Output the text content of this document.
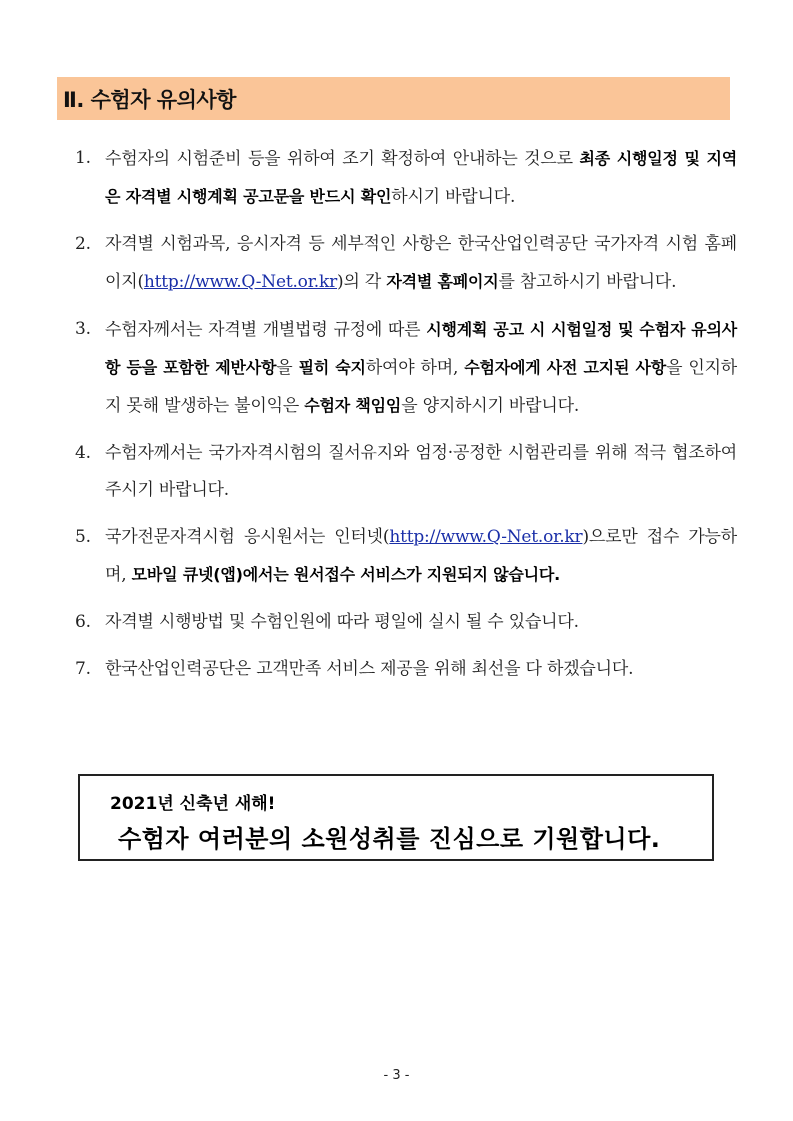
Ⅱ. 수험자 유의사항
1. 수험자의 시험준비 등을 위하여 조기 확정하여 안내하는 것으로 최종 시행일정 및 지역은 자격별 시행계획 공고문을 반드시 확인하시기 바랍니다.
2. 자격별 시험과목, 응시자격 등 세부적인 사항은 한국산업인력공단 국가자격 시험 홈페이지(http://www.Q-Net.or.kr)의 각 자격별 홈페이지를 참고하시기 바랍니다.
3. 수험자께서는 자격별 개별법령 규정에 따른 시행계획 공고 시 시험일정 및 수험자 유의사항 등을 포함한 제반사항을 필히 숙지하여야 하며, 수험자에게 사전 고지된 사항을 인지하지 못해 발생하는 불이익은 수험자 책임임을 양지하시기 바랍니다.
4. 수험자께서는 국가자격시험의 질서유지와 엄정·공정한 시험관리를 위해 적극 협조하여 주시기 바랍니다.
5. 국가전문자격시험 응시원서는 인터넷(http://www.Q-Net.or.kr)으로만 접수 가능하며, 모바일 큐넷(앱)에서는 원서접수 서비스가 지원되지 않습니다.
6. 자격별 시행방법 및 수험인원에 따라 평일에 실시 될 수 있습니다.
7. 한국산업인력공단은 고객만족 서비스 제공을 위해 최선을 다 하겠습니다.
2021년 신축년 새해!
수험자 여러분의 소원성취를 진심으로 기원합니다.
- 3 -
